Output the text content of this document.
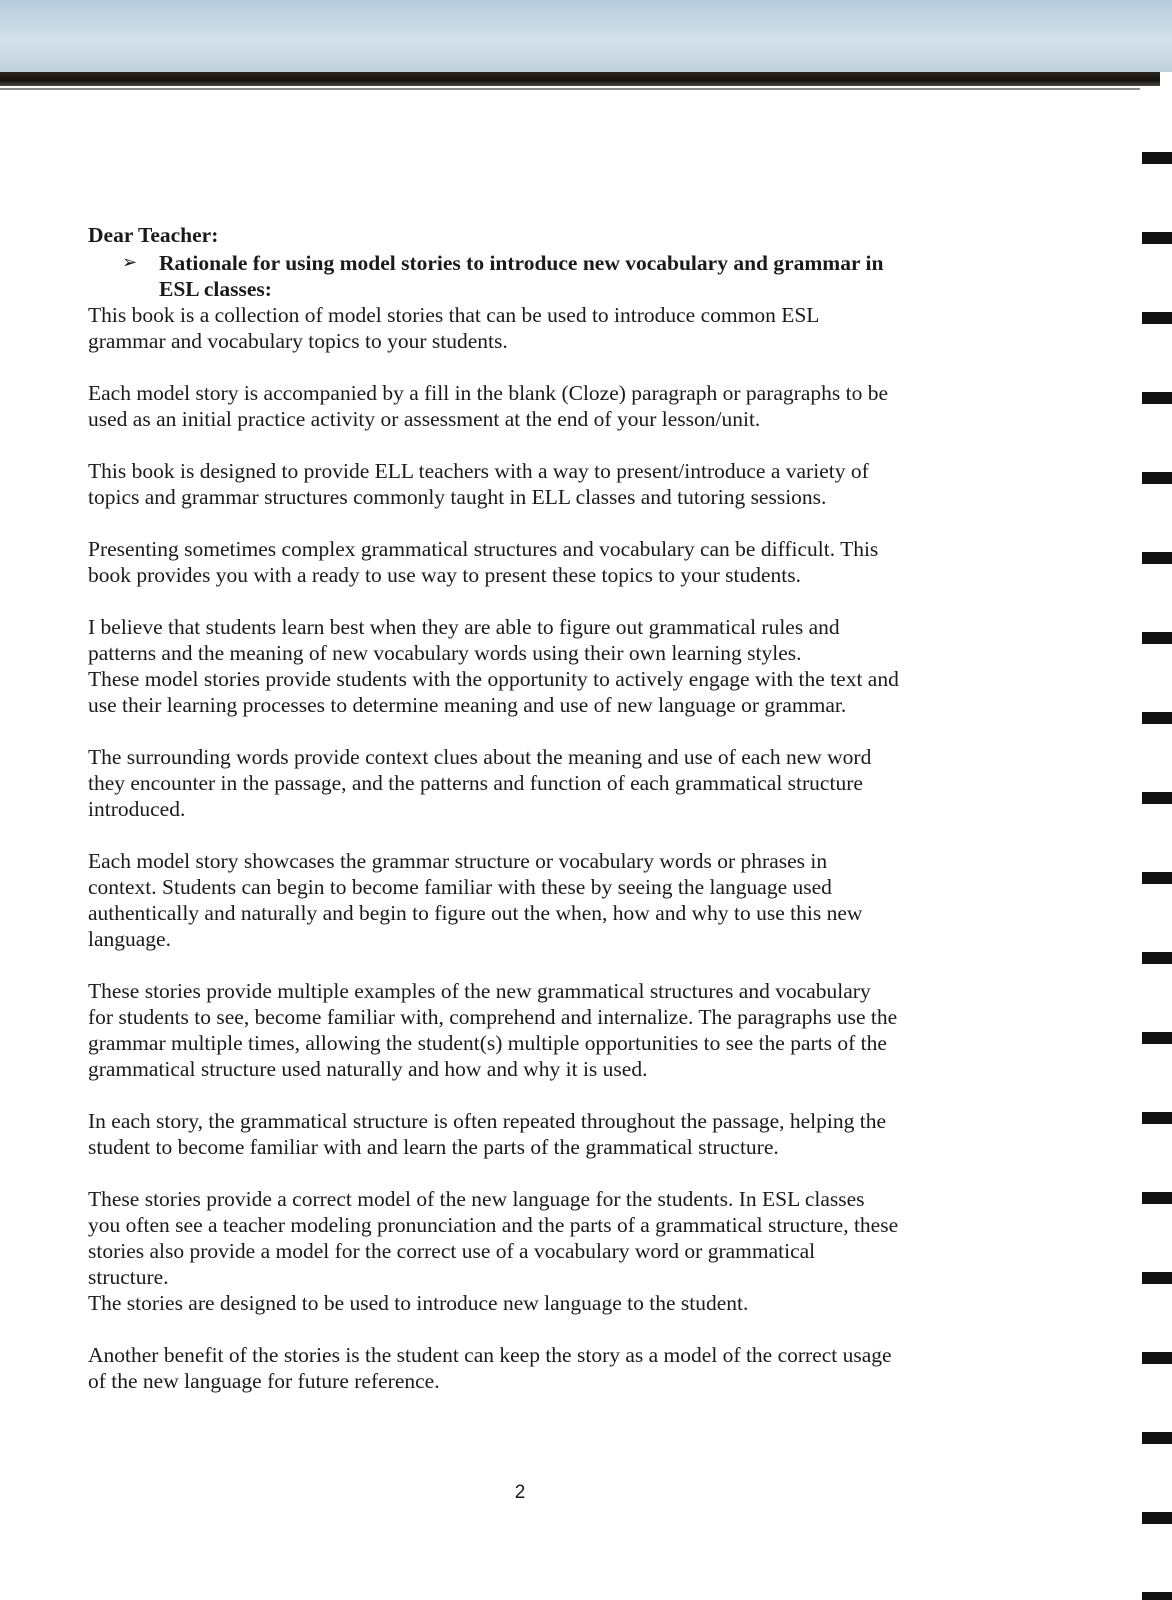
Dear Teacher:

➢ Rationale for using model stories to introduce new vocabulary and grammar in
ESL classes:
This book is a collection of model stories that can be used to introduce common ESL
grammar and vocabulary topics to your students.
Each model story is accompanied by a fill in the blank (Cloze) paragraph or paragraphs to be
used as an initial practice activity or assessment at the end of your lesson/unit.
This book is designed to provide ELL teachers with a way to present/introduce a variety of
topics and grammar structures commonly taught in ELL classes and tutoring sessions.
Presenting sometimes complex grammatical structures and vocabulary can be difficult. This
book provides you with a ready to use way to present these topics to your students.
I believe that students learn best when they are able to figure out grammatical rules and
patterns and the meaning of new vocabulary words using their own learning styles.
These model stories provide students with the opportunity to actively engage with the text and
use their learning processes to determine meaning and use of new language or grammar.
The surrounding words provide context clues about the meaning and use of each new word
they encounter in the passage, and the patterns and function of each grammatical structure
introduced.
Each model story showcases the grammar structure or vocabulary words or phrases in
context. Students can begin to become familiar with these by seeing the language used
authentically and naturally and begin to figure out the when, how and why to use this new
language.
These stories provide multiple examples of the new grammatical structures and vocabulary
for students to see, become familiar with, comprehend and internalize. The paragraphs use the
grammar multiple times, allowing the student(s) multiple opportunities to see the parts of the
grammatical structure used naturally and how and why it is used.
In each story, the grammatical structure is often repeated throughout the passage, helping the
student to become familiar with and learn the parts of the grammatical structure.
These stories provide a correct model of the new language for the students. In ESL classes
you often see a teacher modeling pronunciation and the parts of a grammatical structure, these
stories also provide a model for the correct use of a vocabulary word or grammatical
structure.
The stories are designed to be used to introduce new language to the student.
Another benefit of the stories is the student can keep the story as a model of the correct usage
of the new language for future reference.
2
